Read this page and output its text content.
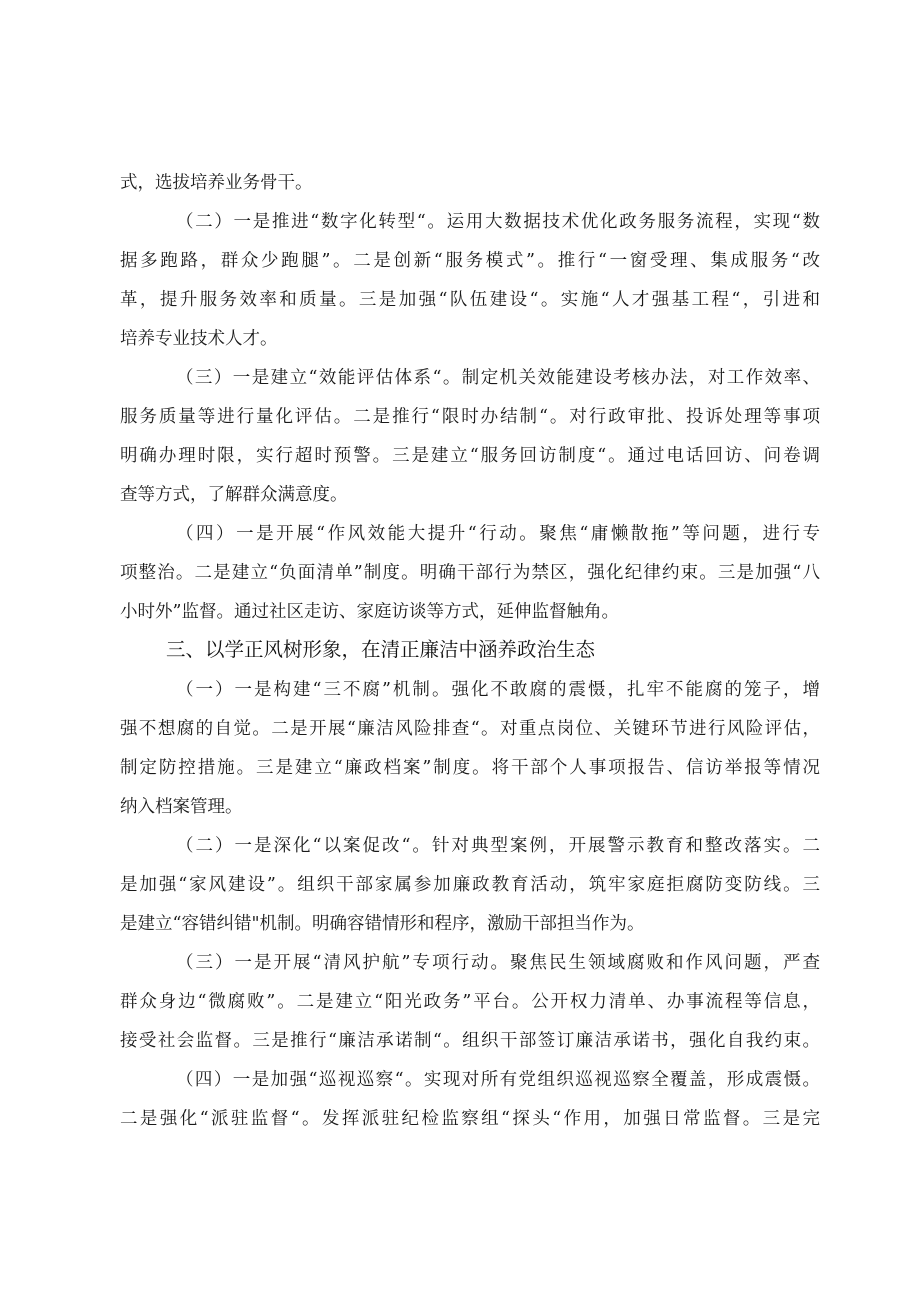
式，选拔培养业务骨干。
（二）一是推进“数字化转型“。运用大数据技术优化政务服务流程，实现“数
据多跑路，群众少跑腿”。二是创新“服务模式”。推行“一窗受理、集成服务“改
革，提升服务效率和质量。三是加强“队伍建设“。实施“人才强基工程“，引进和
培养专业技术人才。
（三）一是建立“效能评估体系“。制定机关效能建设考核办法，对工作效率、
服务质量等进行量化评估。二是推行“限时办结制“。对行政审批、投诉处理等事项
明确办理时限，实行超时预警。三是建立“服务回访制度“。通过电话回访、问卷调
查等方式，了解群众满意度。
（四）一是开展“作风效能大提升“行动。聚焦“庸懒散拖”等问题，进行专
项整治。二是建立“负面清单”制度。明确干部行为禁区，强化纪律约束。三是加强“八
小时外”监督。通过社区走访、家庭访谈等方式，延伸监督触角。
三、以学正风树形象，在清正廉洁中涵养政治生态
（一）一是构建“三不腐”机制。强化不敢腐的震慑，扎牢不能腐的笼子，增
强不想腐的自觉。二是开展“廉洁风险排查“。对重点岗位、关键环节进行风险评估，
制定防控措施。三是建立“廉政档案”制度。将干部个人事项报告、信访举报等情况
纳入档案管理。
（二）一是深化“以案促改“。针对典型案例，开展警示教育和整改落实。二
是加强“家风建设”。组织干部家属参加廉政教育活动，筑牢家庭拒腐防变防线。三
是建立“容错纠错"机制。明确容错情形和程序，激励干部担当作为。
（三）一是开展“清风护航”专项行动。聚焦民生领域腐败和作风问题，严查
群众身边“微腐败”。二是建立“阳光政务”平台。公开权力清单、办事流程等信息，
接受社会监督。三是推行“廉洁承诺制“。组织干部签订廉洁承诺书，强化自我约束。
（四）一是加强“巡视巡察“。实现对所有党组织巡视巡察全覆盖，形成震慑。
二是强化“派驻监督“。发挥派驻纪检监察组“探头“作用，加强日常监督。三是完
